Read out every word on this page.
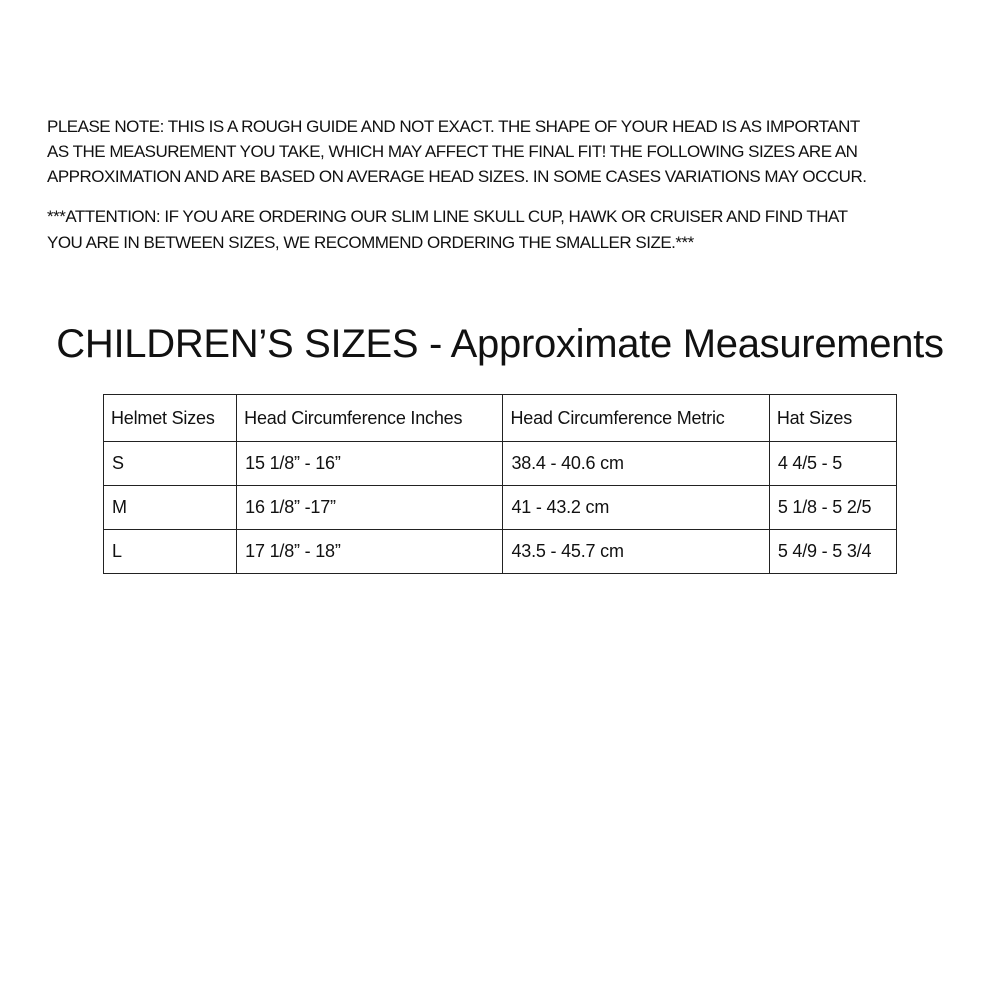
PLEASE NOTE: THIS IS A ROUGH GUIDE AND NOT EXACT. THE SHAPE OF YOUR HEAD IS AS IMPORTANT
AS THE MEASUREMENT YOU TAKE, WHICH MAY AFFECT THE FINAL FIT! THE FOLLOWING SIZES ARE AN
APPROXIMATION AND ARE BASED ON AVERAGE HEAD SIZES. IN SOME CASES VARIATIONS MAY OCCUR.

***ATTENTION: IF YOU ARE ORDERING OUR SLIM LINE SKULL CUP, HAWK OR CRUISER AND FIND THAT
YOU ARE IN BETWEEN SIZES, WE RECOMMEND ORDERING THE SMALLER SIZE.***

CHILDREN’S SIZES - Approximate Measurements
Helmet Sizes	Head Circumference Inches	Head Circumference Metric	Hat Sizes
S	15 1/8” - 16”	38.4 - 40.6 cm	4 4/5 - 5
M	16 1/8” -17”	41 - 43.2 cm	5 1/8 - 5 2/5
L	17 1/8” - 18”	43.5 - 45.7 cm	5 4/9 - 5 3/4
